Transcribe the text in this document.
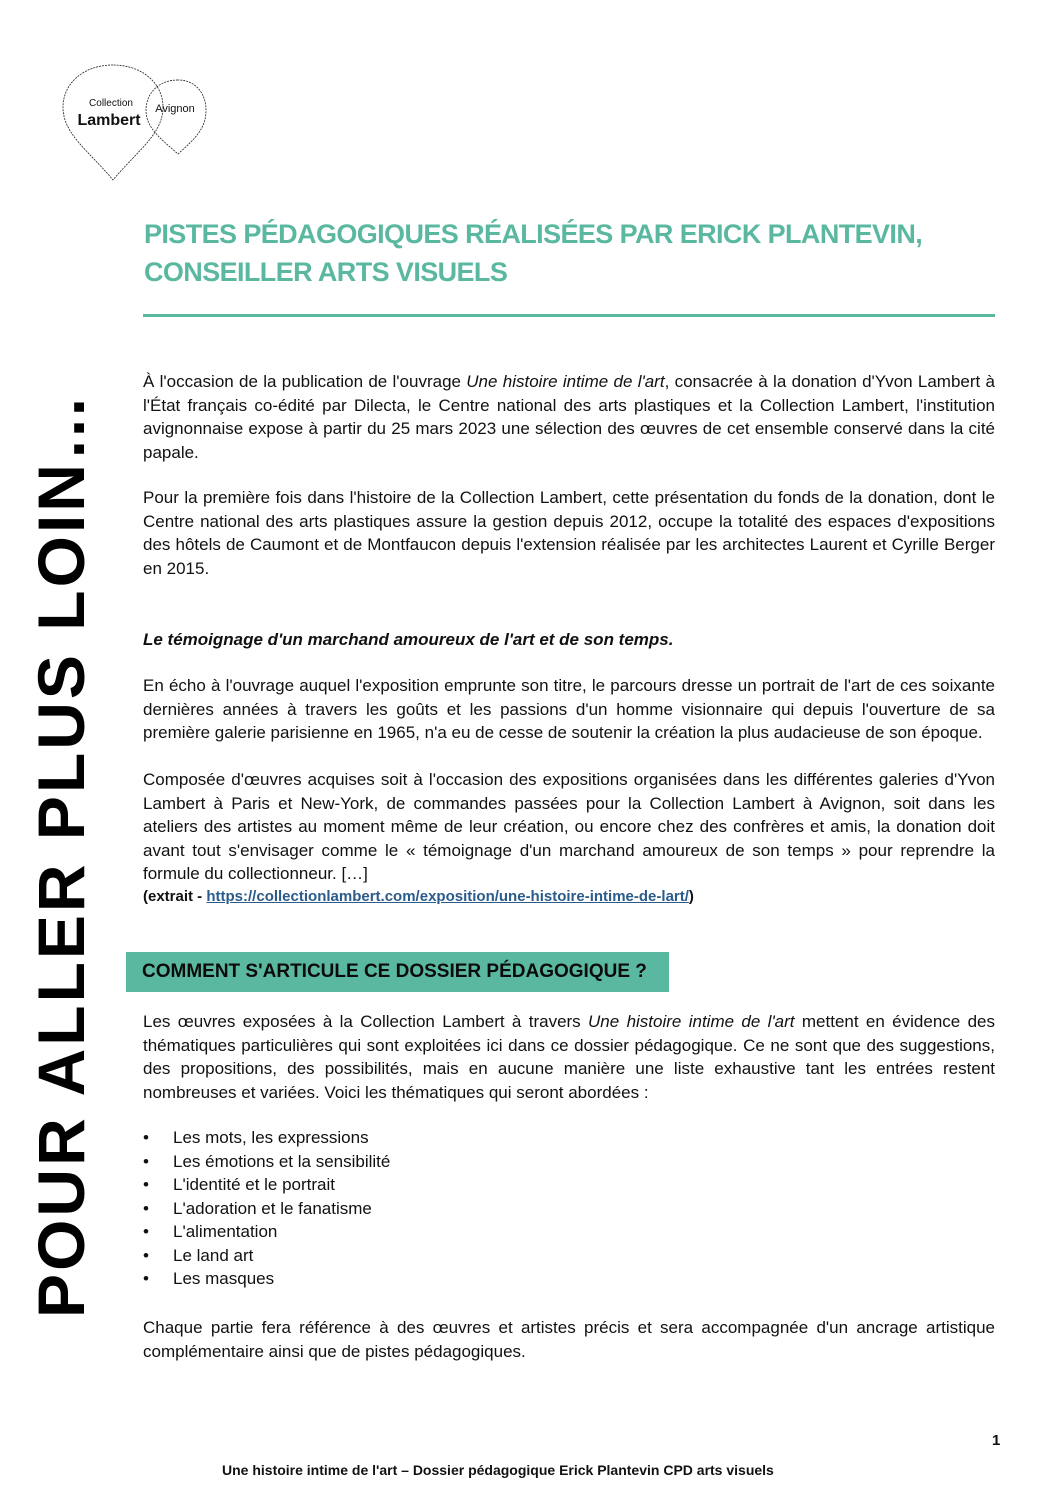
Collection
Lambert
Avignon
PISTES PÉDAGOGIQUES RÉALISÉES PAR ERICK PLANTEVIN,
CONSEILLER ARTS VISUELS
POUR ALLER PLUS LOIN…

À l'occasion de la publication de l'ouvrage Une histoire intime de l'art, consacrée à la donation d'Yvon Lambert à l'État français co-édité par Dilecta, le Centre national des arts plastiques et la Collection Lambert, l'institution avignonnaise expose à partir du 25 mars 2023 une sélection des œuvres de cet ensemble conservé dans la cité papale.

Pour la première fois dans l'histoire de la Collection Lambert, cette présentation du fonds de la donation, dont le Centre national des arts plastiques assure la gestion depuis 2012, occupe la totalité des espaces d'expositions des hôtels de Caumont et de Montfaucon depuis l'extension réalisée par les architectes Laurent et Cyrille Berger en 2015.

Le témoignage d'un marchand amoureux de l'art et de son temps.

En écho à l'ouvrage auquel l'exposition emprunte son titre, le parcours dresse un portrait de l'art de ces soixante dernières années à travers les goûts et les passions d'un homme visionnaire qui depuis l'ouverture de sa première galerie parisienne en 1965, n'a eu de cesse de soutenir la création la plus audacieuse de son époque.

Composée d'œuvres acquises soit à l'occasion des expositions organisées dans les différentes galeries d'Yvon Lambert à Paris et New-York, de commandes passées pour la Collection Lambert à Avignon, soit dans les ateliers des artistes au moment même de leur création, ou encore chez des confrères et amis, la donation doit avant tout s'envisager comme le « témoignage d'un marchand amoureux de son temps » pour reprendre la formule du collectionneur. […]

(extrait - https://collectionlambert.com/exposition/une-histoire-intime-de-lart/)

COMMENT S'ARTICULE CE DOSSIER PÉDAGOGIQUE ?

Les œuvres exposées à la Collection Lambert à travers Une histoire intime de l'art mettent en évidence des thématiques particulières qui sont exploitées ici dans ce dossier pédagogique. Ce ne sont que des suggestions, des propositions, des possibilités, mais en aucune manière une liste exhaustive tant les entrées restent nombreuses et variées. Voici les thématiques qui seront abordées :

• Les mots, les expressions
• Les émotions et la sensibilité
• L'identité et le portrait
• L'adoration et le fanatisme
• L'alimentation
• Le land art
• Les masques

Chaque partie fera référence à des œuvres et artistes précis et sera accompagnée d'un ancrage artistique complémentaire ainsi que de pistes pédagogiques.

1
Une histoire intime de l'art – Dossier pédagogique Erick Plantevin CPD arts visuels
